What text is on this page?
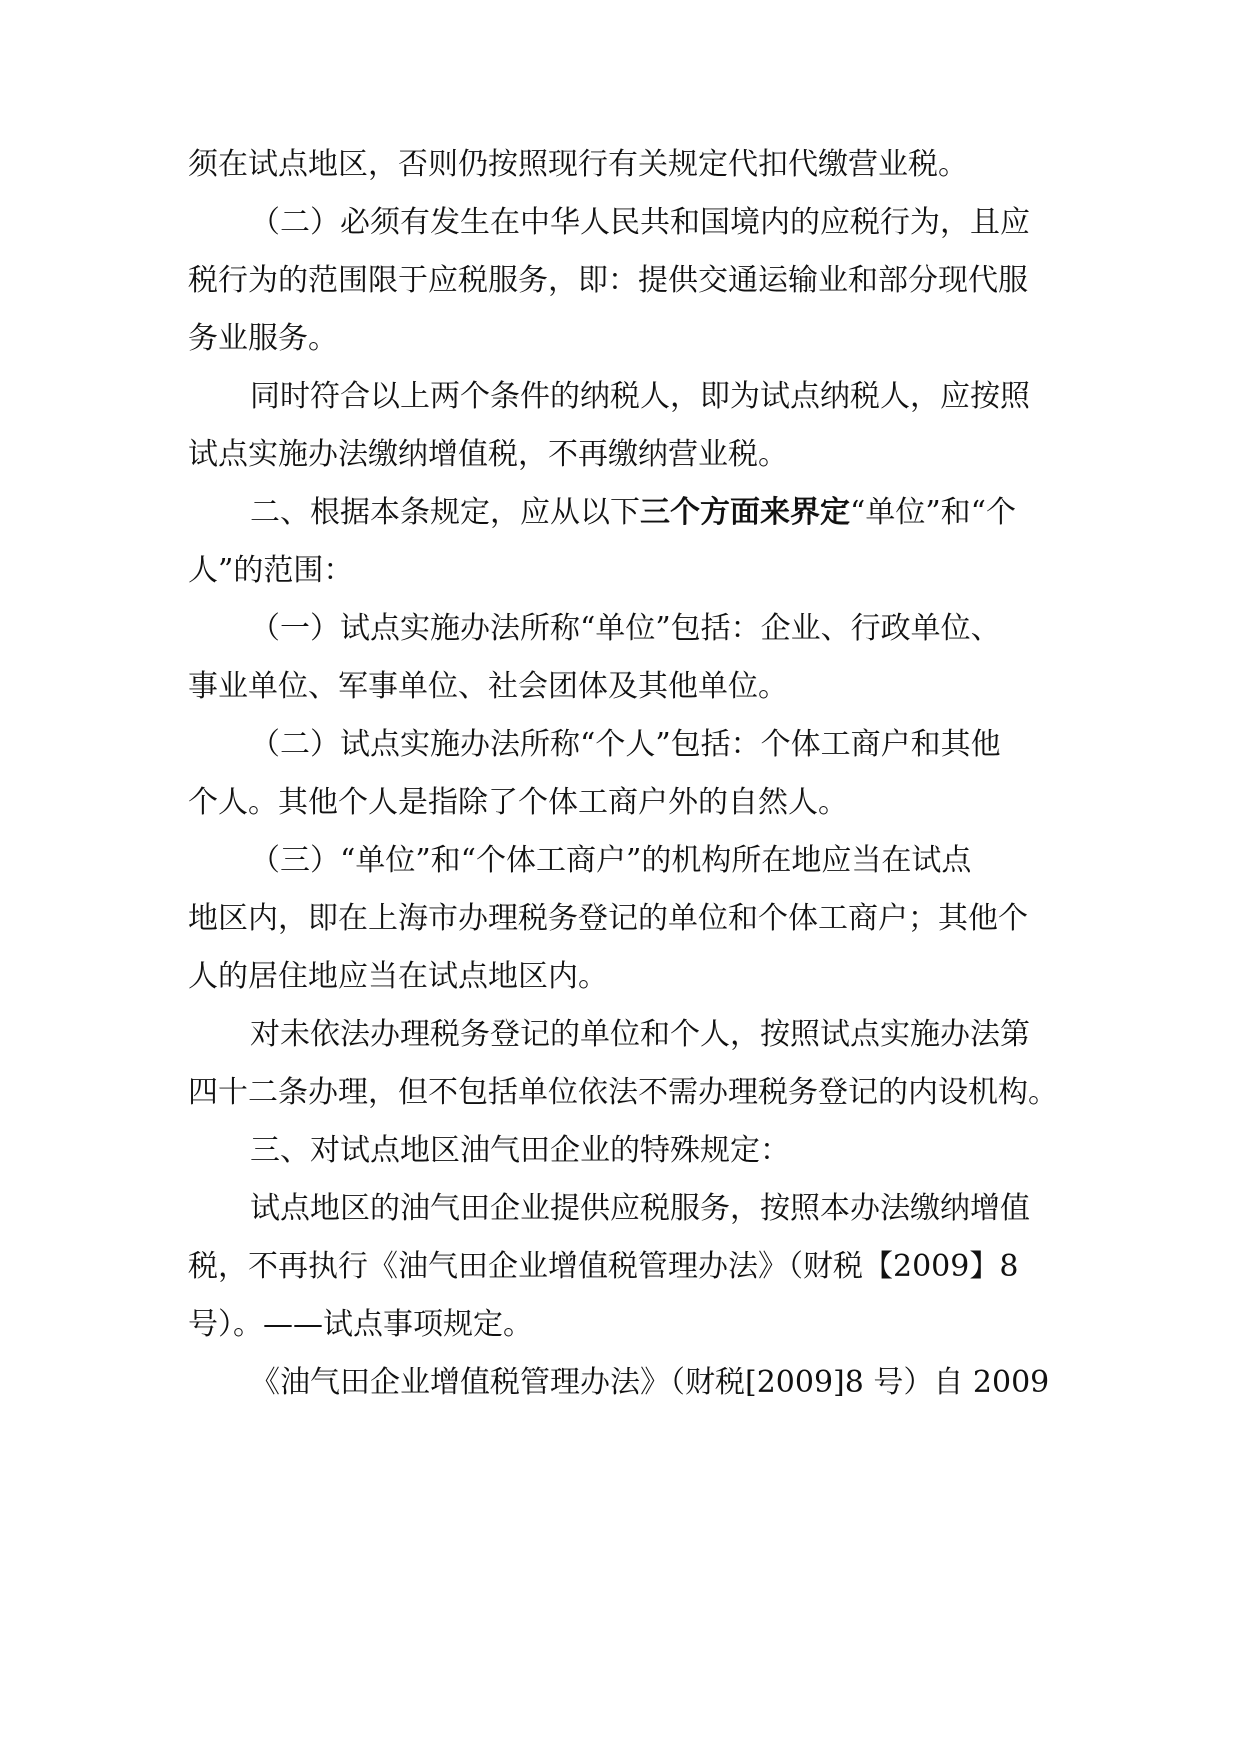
须在试点地区，否则仍按照现行有关规定代扣代缴营业税。
（二）必须有发生在中华人民共和国境内的应税行为，且应
税行为的范围限于应税服务，即：提供交通运输业和部分现代服
务业服务。
同时符合以上两个条件的纳税人，即为试点纳税人，应按照
试点实施办法缴纳增值税，不再缴纳营业税。
二、根据本条规定，应从以下三个方面来界定“单位”和“个
人”的范围：
（一）试点实施办法所称“单位”包括：企业、行政单位、
事业单位、军事单位、社会团体及其他单位。
（二）试点实施办法所称“个人”包括：个体工商户和其他
个人。其他个人是指除了个体工商户外的自然人。
（三）“单位”和“个体工商户”的机构所在地应当在试点
地区内，即在上海市办理税务登记的单位和个体工商户；其他个
人的居住地应当在试点地区内。
对未依法办理税务登记的单位和个人，按照试点实施办法第
四十二条办理，但不包括单位依法不需办理税务登记的内设机构。
三、对试点地区油气田企业的特殊规定：
试点地区的油气田企业提供应税服务，按照本办法缴纳增值
税，不再执行《油气田企业增值税管理办法》（财税【2009】8
号）。——试点事项规定。
《油气田企业增值税管理办法》（财税[2009]8 号）自 2009
